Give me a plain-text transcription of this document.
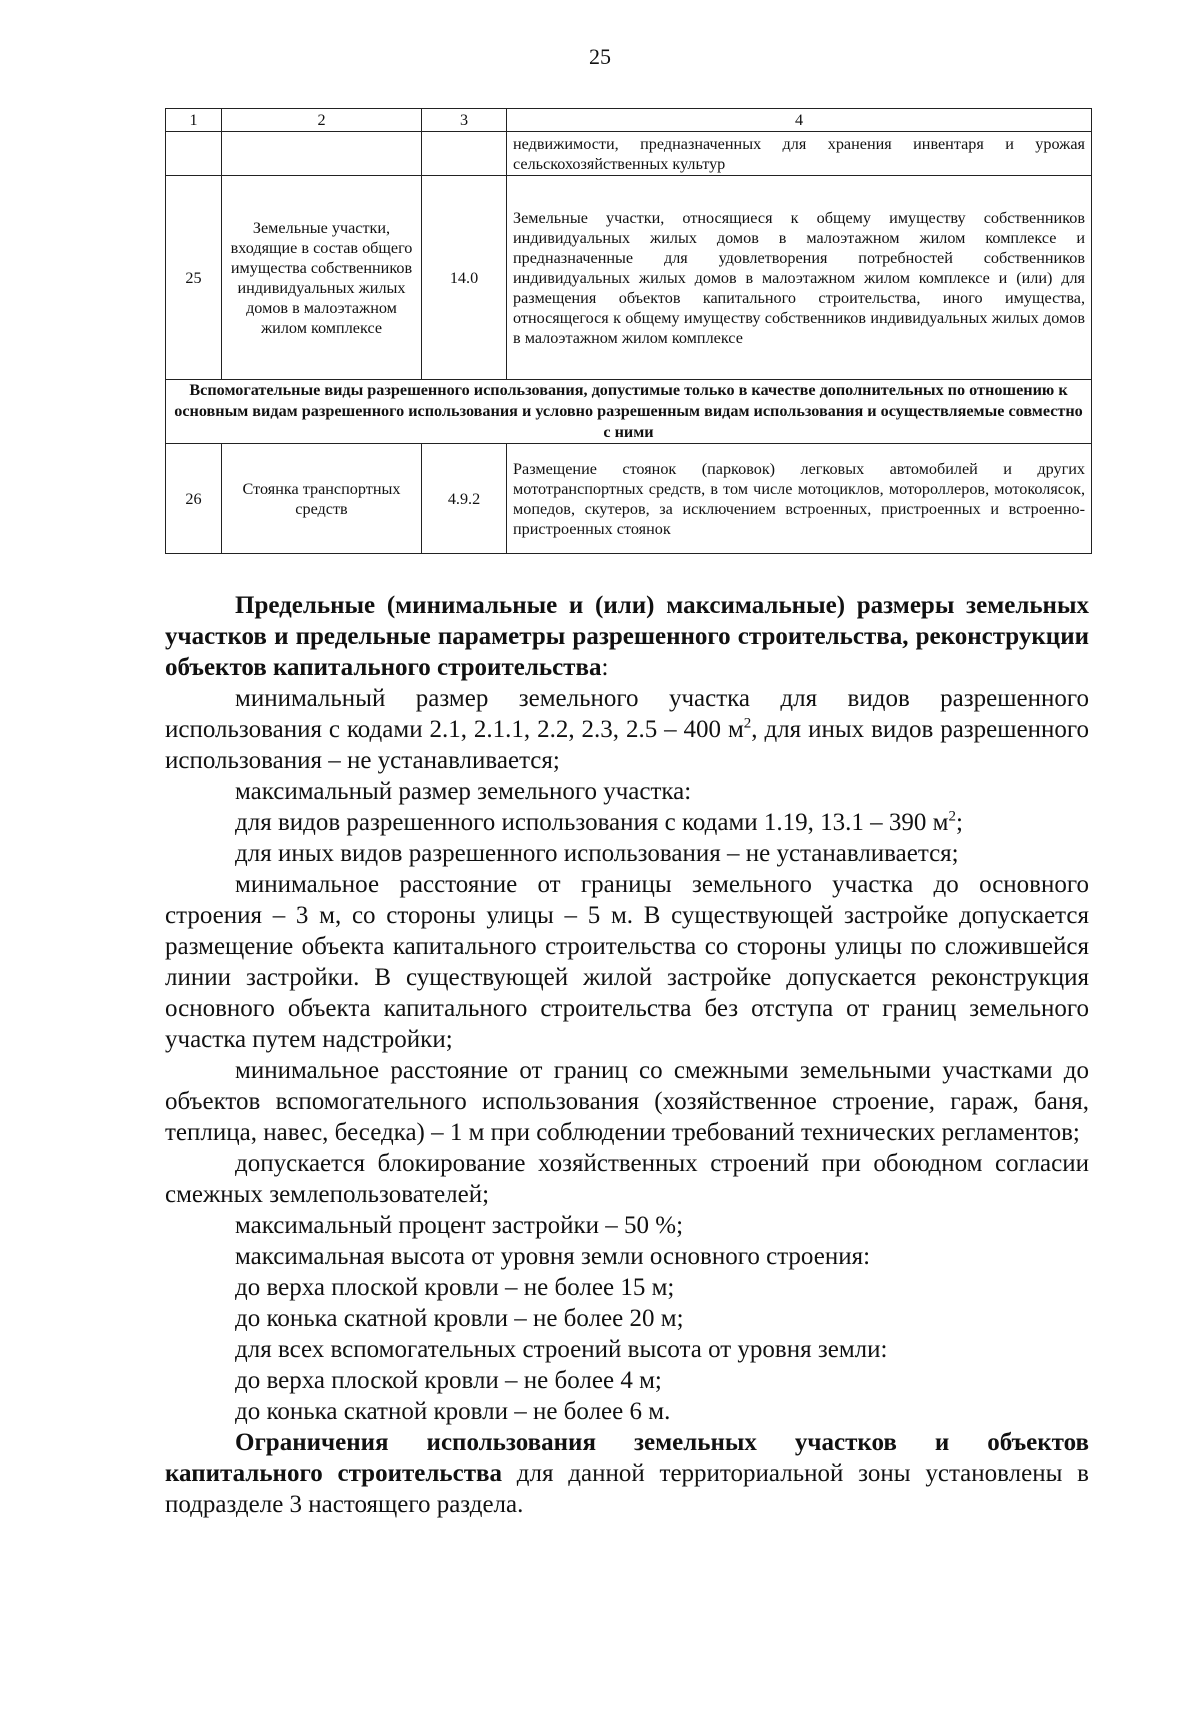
25
1	2	3	4
			недвижимости, предназначенных для хранения инвентаря и урожая сельскохозяйственных культур
25	Земельные участки, входящие в состав общего имущества собственников индивидуальных жилых домов в малоэтажном жилом комплексе	14.0	Земельные участки, относящиеся к общему имуществу собственников индивидуальных жилых домов в малоэтажном жилом комплексе и предназначенные для удовлетворения потребностей собственников индивидуальных жилых домов в малоэтажном жилом комплексе и (или) для размещения объектов капитального строительства, иного имущества, относящегося к общему имуществу собственников индивидуальных жилых домов в малоэтажном жилом комплексе
Вспомогательные виды разрешенного использования, допустимые только в качестве дополнительных по отношению к основным видам разрешенного использования и условно разрешенным видам использования и осуществляемые совместно с ними			
26	Стоянка транспортных средств	4.9.2	Размещение стоянок (парковок) легковых автомобилей и других мототранспортных средств, в том числе мотоциклов, мотороллеров, мотоколясок, мопедов, скутеров, за исключением встроенных, пристроенных и встроенно-пристроенных стоянок

Предельные (минимальные и (или) максимальные) размеры земельных участков и предельные параметры разрешенного строительства, реконструкции объектов капитального строительства:

минимальный размер земельного участка для видов разрешенного использования с кодами 2.1, 2.1.1, 2.2, 2.3, 2.5 – 400 $м^2$, для иных видов разрешенного использования – не устанавливается;

максимальный размер земельного участка:

для видов разрешенного использования с кодами 1.19, 13.1 – 390 $м^2$;

для иных видов разрешенного использования – не устанавливается;

минимальное расстояние от границы земельного участка до основного строения – 3 м, со стороны улицы – 5 м. В существующей застройке допускается размещение объекта капитального строительства со стороны улицы по сложившейся линии застройки. В существующей жилой застройке допускается реконструкция основного объекта капитального строительства без отступа от границ земельного участка путем надстройки;

минимальное расстояние от границ со смежными земельными участками до объектов вспомогательного использования (хозяйственное строение, гараж, баня, теплица, навес, беседка) – 1 м при соблюдении требований технических регламентов;

допускается блокирование хозяйственных строений при обоюдном согласии смежных землепользователей;

максимальный процент застройки – 50 %;

максимальная высота от уровня земли основного строения:

до верха плоской кровли – не более 15 м;

до конька скатной кровли – не более 20 м;

для всех вспомогательных строений высота от уровня земли:

до верха плоской кровли – не более 4 м;

до конька скатной кровли – не более 6 м.

Ограничения использования земельных участков и объектов капитального строительства для данной территориальной зоны установлены в подразделе 3 настоящего раздела.
